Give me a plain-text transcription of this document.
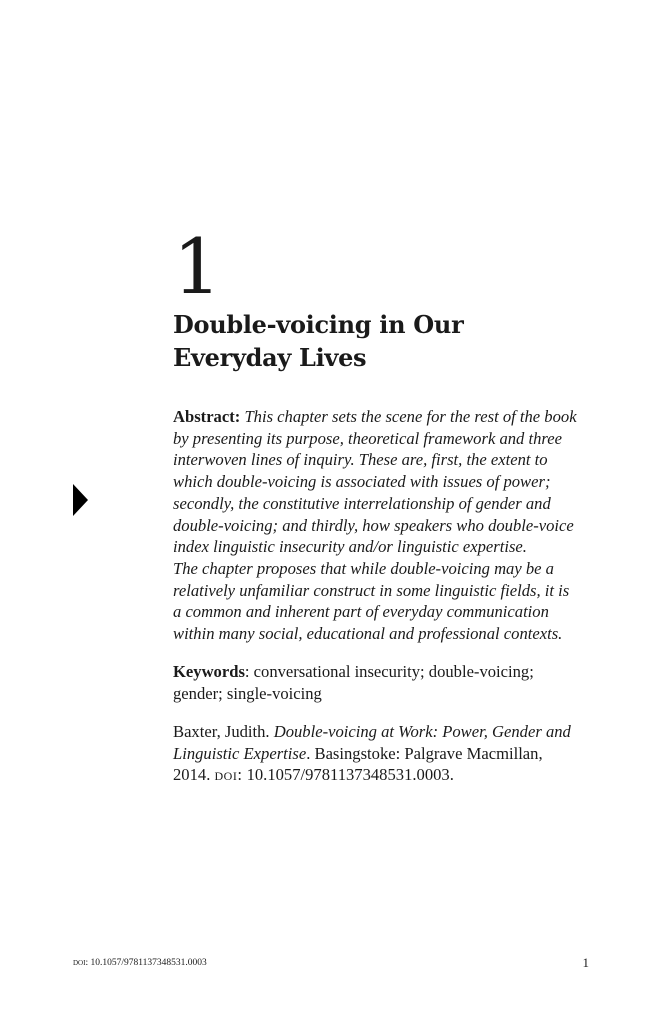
1
Double-voicing in Our
Everyday Lives
Abstract: This chapter sets the scene for the rest of the book
by presenting its purpose, theoretical framework and three
interwoven lines of inquiry. These are, first, the extent to
which double-voicing is associated with issues of power;
secondly, the constitutive interrelationship of gender and
double-voicing; and thirdly, how speakers who double-voice
index linguistic insecurity and/or linguistic expertise.
The chapter proposes that while double-voicing may be a
relatively unfamiliar construct in some linguistic fields, it is
a common and inherent part of everyday communication
within many social, educational and professional contexts.
Keywords: conversational insecurity; double-voicing;
gender; single-voicing
Baxter, Judith. Double-voicing at Work: Power, Gender and
Linguistic Expertise. Basingstoke: Palgrave Macmillan,
2014. doi: 10.1057/9781137348531.0003.
doi: 10.1057/9781137348531.0003	1
